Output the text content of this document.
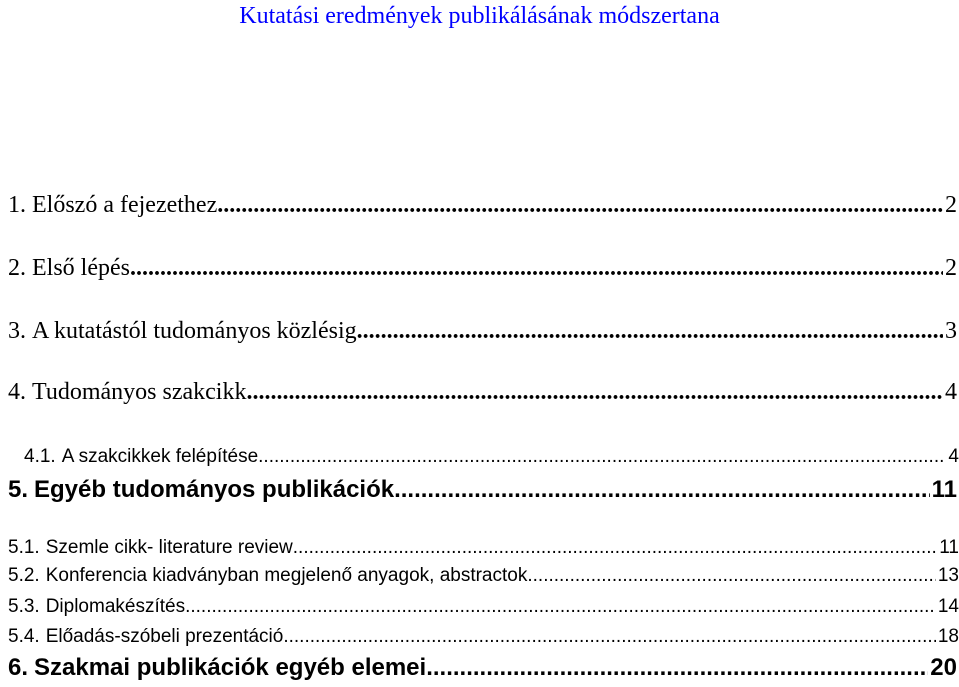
Kutatási eredmények publikálásának módszertana
1. Előszó a fejezethez .....	2
2. Első lépés .....	2
3. A kutatástól tudományos közlésig .....	3
4. Tudományos szakcikk .....	4
4.1. A szakcikkek felépítése .....	4
5. Egyéb tudományos publikációk .....	11
5.1. Szemle cikk- literature review .....	11
5.2. Konferencia kiadványban megjelenő anyagok, abstractok .....	13
5.3. Diplomakészítés .....	14
5.4. Előadás-szóbeli prezentáció .....	18
6. Szakmai publikációk egyéb elemei .....	20
